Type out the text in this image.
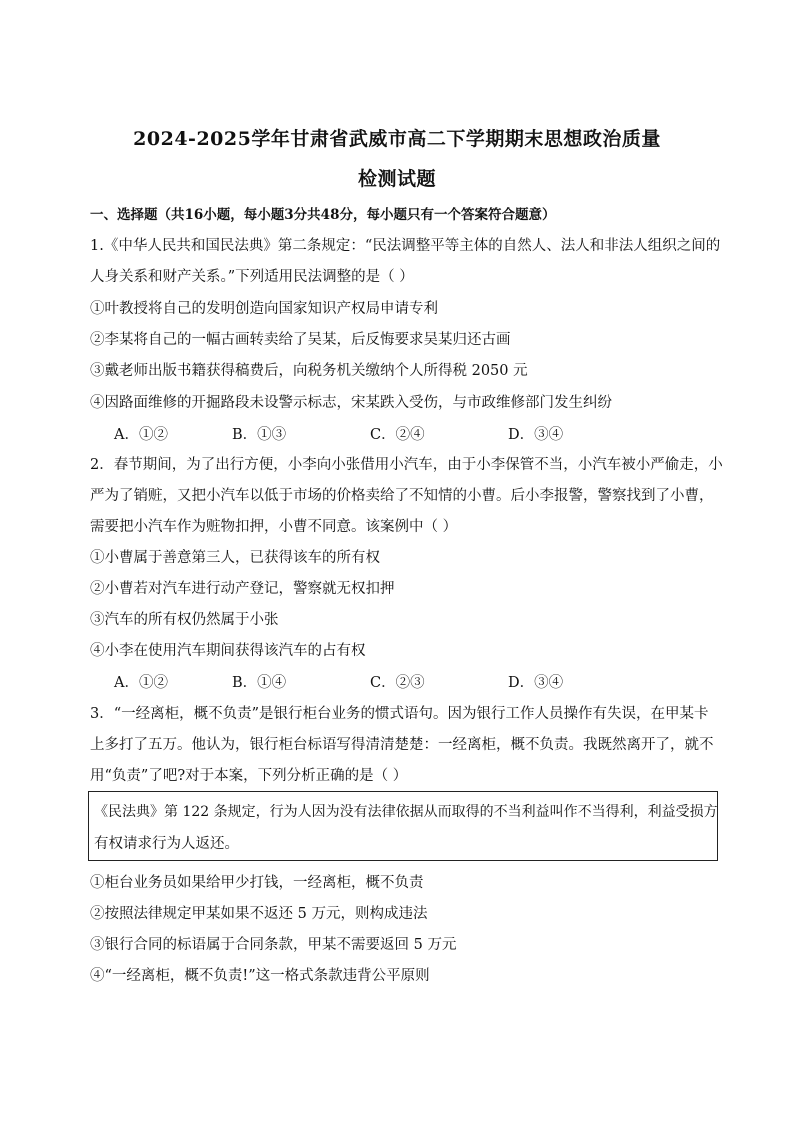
2024-2025学年甘肃省武威市高二下学期期末思想政治质量
检测试题
一、选择题（共16小题，每小题3分共48分，每小题只有一个答案符合题意）
1.《中华人民共和国民法典》第二条规定：“民法调整平等主体的自然人、法人和非法人组织之间的
人身关系和财产关系。”下列适用民法调整的是（ ）
①叶教授将自己的发明创造向国家知识产权局申请专利
②李某将自己的一幅古画转卖给了吴某，后反悔要求吴某归还古画
③戴老师出版书籍获得稿费后，向税务机关缴纳个人所得税 2050 元
④因路面维修的开掘路段未设警示标志，宋某跌入受伤，与市政维修部门发生纠纷
A．①②	B．①③	C．②④	D．③④
2．春节期间，为了出行方便，小李向小张借用小汽车，由于小李保管不当，小汽车被小严偷走，小
严为了销赃，又把小汽车以低于市场的价格卖给了不知情的小曹。后小李报警，警察找到了小曹，
需要把小汽车作为赃物扣押，小曹不同意。该案例中（ ）
①小曹属于善意第三人，已获得该车的所有权
②小曹若对汽车进行动产登记，警察就无权扣押
③汽车的所有权仍然属于小张
④小李在使用汽车期间获得该汽车的占有权
A．①②	B．①④	C．②③	D．③④
3．“一经离柜，概不负责”是银行柜台业务的惯式语句。因为银行工作人员操作有失误，在甲某卡
上多打了五万。他认为，银行柜台标语写得清清楚楚：一经离柜，概不负责。我既然离开了，就不
用“负责”了吧?对于本案，下列分析正确的是（ ）
《民法典》第 122 条规定，行为人因为没有法律依据从而取得的不当利益叫作不当得利，利益受损方
有权请求行为人返还。
①柜台业务员如果给甲少打钱，一经离柜，概不负责
②按照法律规定甲某如果不返还 5 万元，则构成违法
③银行合同的标语属于合同条款，甲某不需要返回 5 万元
④“一经离柜，概不负责!”这一格式条款违背公平原则
